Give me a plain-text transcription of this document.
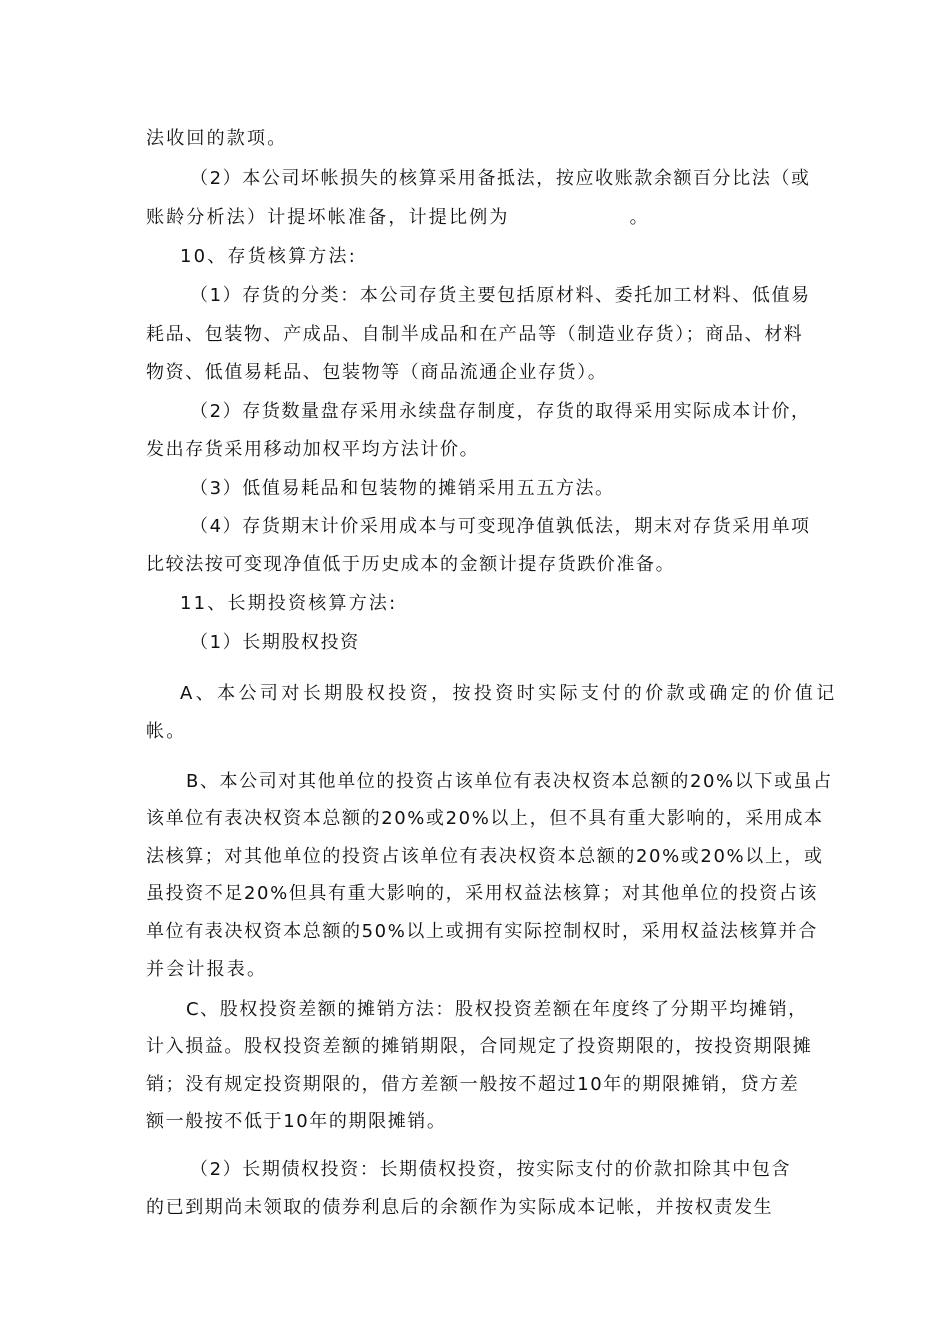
法收回的款项。
（2）本公司坏帐损失的核算采用备抵法，按应收账款余额百分比法（或
账龄分析法）计提坏帐准备，计提比例为	。
10、存货核算方法:
（1）存货的分类：本公司存货主要包括原材料、委托加工材料、低值易
耗品、包装物、产成品、自制半成品和在产品等（制造业存货）；商品、材料
物资、低值易耗品、包装物等（商品流通企业存货）。
（2）存货数量盘存采用永续盘存制度，存货的取得采用实际成本计价，
发出存货采用移动加权平均方法计价。
（3）低值易耗品和包装物的摊销采用五五方法。
（4）存货期末计价采用成本与可变现净值孰低法，期末对存货采用单项
比较法按可变现净值低于历史成本的金额计提存货跌价准备。
11、长期投资核算方法:
（1）长期股权投资
A、本公司对长期股权投资，按投资时实际支付的价款或确定的价值记
帐。
B、本公司对其他单位的投资占该单位有表决权资本总额的20%以下或虽占
该单位有表决权资本总额的20%或20%以上，但不具有重大影响的，采用成本
法核算；对其他单位的投资占该单位有表决权资本总额的20%或20%以上，或
虽投资不足20%但具有重大影响的，采用权益法核算；对其他单位的投资占该
单位有表决权资本总额的50%以上或拥有实际控制权时，采用权益法核算并合
并会计报表。
C、股权投资差额的摊销方法：股权投资差额在年度终了分期平均摊销，
计入损益。股权投资差额的摊销期限，合同规定了投资期限的，按投资期限摊
销；没有规定投资期限的，借方差额一般按不超过10年的期限摊销，贷方差
额一般按不低于10年的期限摊销。
（2）长期债权投资：长期债权投资，按实际支付的价款扣除其中包含
的已到期尚未领取的债券利息后的余额作为实际成本记帐，并按权责发生
